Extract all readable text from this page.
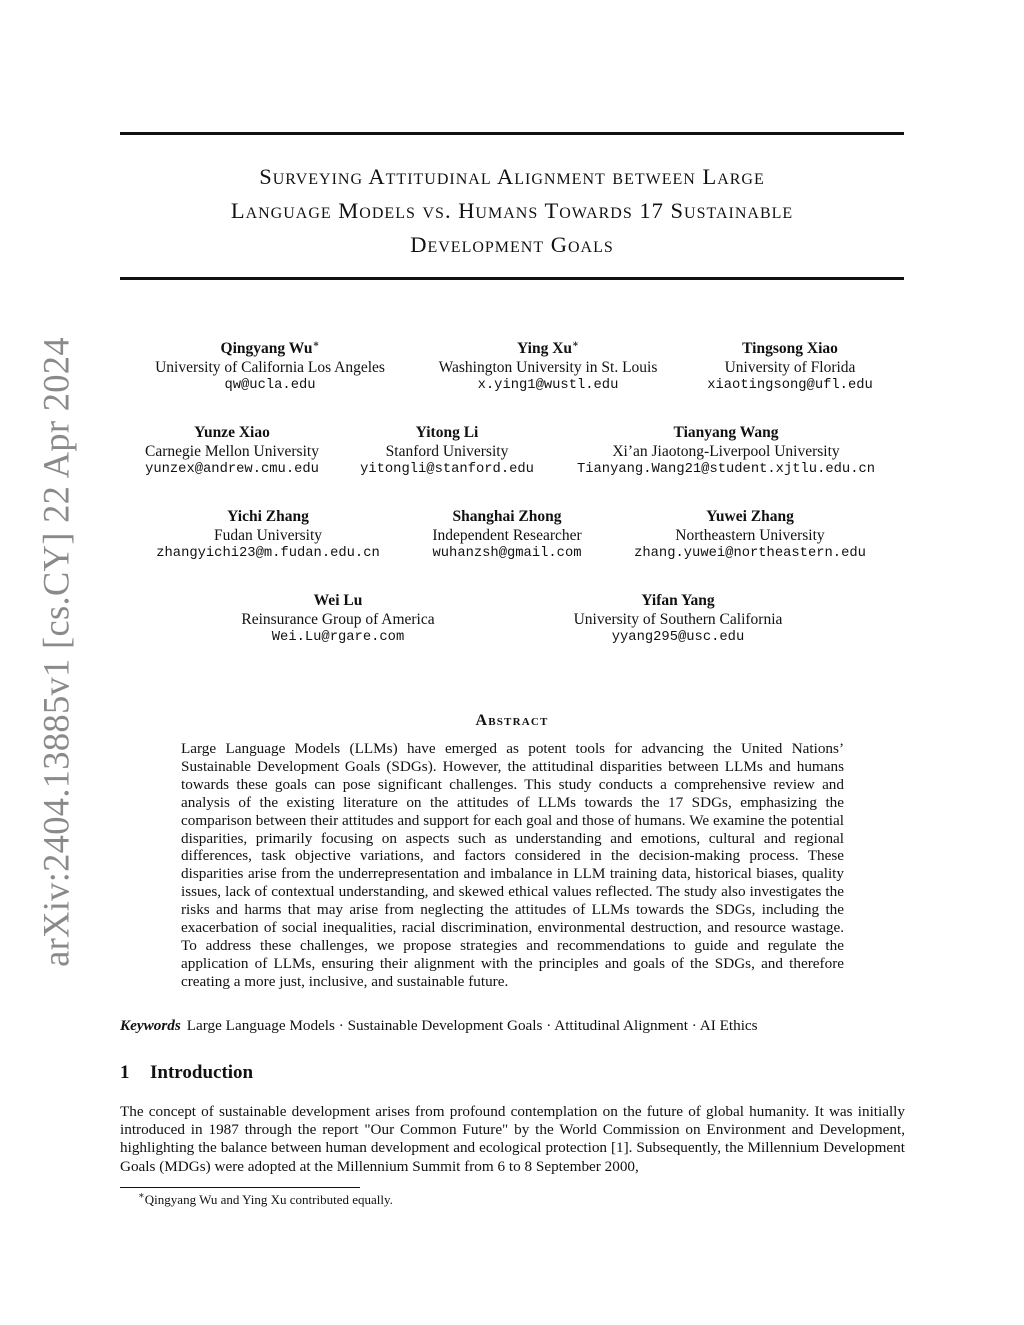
arXiv:2404.13885v1 [cs.CY] 22 Apr 2024
Surveying Attitudinal Alignment between Large
Language Models vs. Humans Towards 17 Sustainable
Development Goals
Qingyang Wu∗
University of California Los Angeles
qw@ucla.edu
Ying Xu∗
Washington University in St. Louis
x.ying1@wustl.edu
Tingsong Xiao
University of Florida
xiaotingsong@ufl.edu
Yunze Xiao
Carnegie Mellon University
yunzex@andrew.cmu.edu
Yitong Li
Stanford University
yitongli@stanford.edu
Tianyang Wang
Xi’an Jiaotong-Liverpool University
Tianyang.Wang21@student.xjtlu.edu.cn
Yichi Zhang
Fudan University
zhangyichi23@m.fudan.edu.cn
Shanghai Zhong
Independent Researcher
wuhanzsh@gmail.com
Yuwei Zhang
Northeastern University
zhang.yuwei@northeastern.edu
Wei Lu
Reinsurance Group of America
Wei.Lu@rgare.com
Yifan Yang
University of Southern California
yyang295@usc.edu
Abstract
Large Language Models (LLMs) have emerged as potent tools for advancing the United Nations’ Sustainable Development Goals (SDGs). However, the attitudinal disparities between LLMs and humans towards these goals can pose significant challenges. This study conducts a comprehensive review and analysis of the existing literature on the attitudes of LLMs towards the 17 SDGs, emphasizing the comparison between their attitudes and support for each goal and those of humans. We examine the potential disparities, primarily focusing on aspects such as understanding and emotions, cultural and regional differences, task objective variations, and factors considered in the decision-making process. These disparities arise from the underrepresentation and imbalance in LLM training data, historical biases, quality issues, lack of contextual understanding, and skewed ethical values reflected. The study also investigates the risks and harms that may arise from neglecting the attitudes of LLMs towards the SDGs, including the exacerbation of social inequalities, racial discrimination, environmental destruction, and resource wastage. To address these challenges, we propose strategies and recommendations to guide and regulate the application of LLMs, ensuring their alignment with the principles and goals of the SDGs, and therefore creating a more just, inclusive, and sustainable future.
Keywords Large Language Models · Sustainable Development Goals · Attitudinal Alignment · AI Ethics
1 Introduction
The concept of sustainable development arises from profound contemplation on the future of global humanity. It was initially introduced in 1987 through the report "Our Common Future" by the World Commission on Environment and Development, highlighting the balance between human development and ecological protection [1]. Subsequently, the Millennium Development Goals (MDGs) were adopted at the Millennium Summit from 6 to 8 September 2000,
∗Qingyang Wu and Ying Xu contributed equally.
